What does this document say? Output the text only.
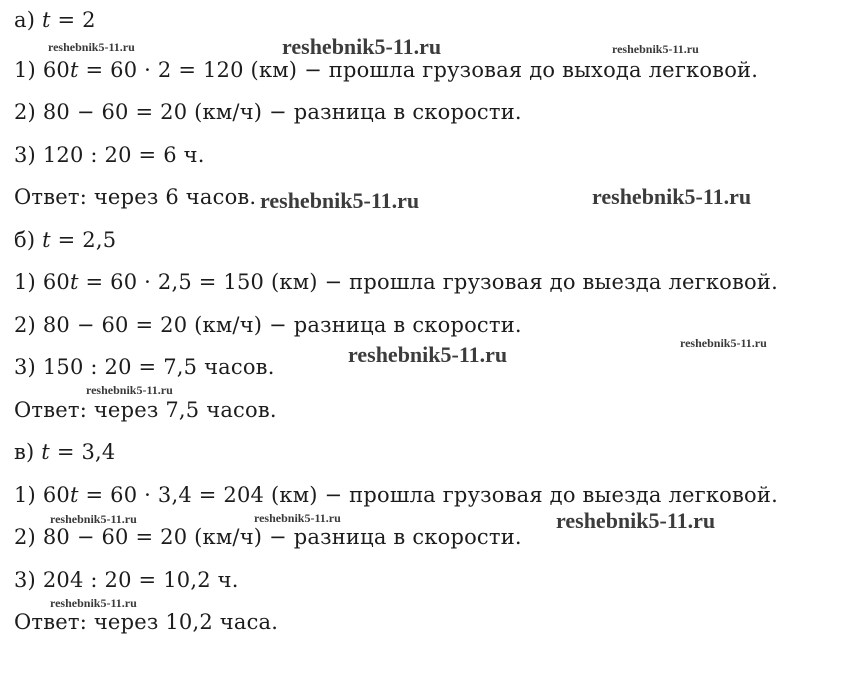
а) t = 2
1) 60t = 60 · 2 = 120 (км) − прошла грузовая до выхода легковой.
2) 80 − 60 = 20 (км/ч) − разница в скорости.
3) 120 : 20 = 6 ч.
Ответ: через 6 часов.
б) t = 2,5
1) 60t = 60 · 2,5 = 150 (км) − прошла грузовая до выезда легковой.
2) 80 − 60 = 20 (км/ч) − разница в скорости.
3) 150 : 20 = 7,5 часов.
Ответ: через 7,5 часов.
в) t = 3,4
1) 60t = 60 · 3,4 = 204 (км) − прошла грузовая до выезда легковой.
2) 80 − 60 = 20 (км/ч) − разница в скорости.
3) 204 : 20 = 10,2 ч.
Ответ: через 10,2 часа.
reshebnik5-11.ru	reshebnik5-11.ru	reshebnik5-11.ru
reshebnik5-11.ru	reshebnik5-11.ru
reshebnik5-11.ru	reshebnik5-11.ru
reshebnik5-11.ru
reshebnik5-11.ru	reshebnik5-11.ru	reshebnik5-11.ru
reshebnik5-11.ru
